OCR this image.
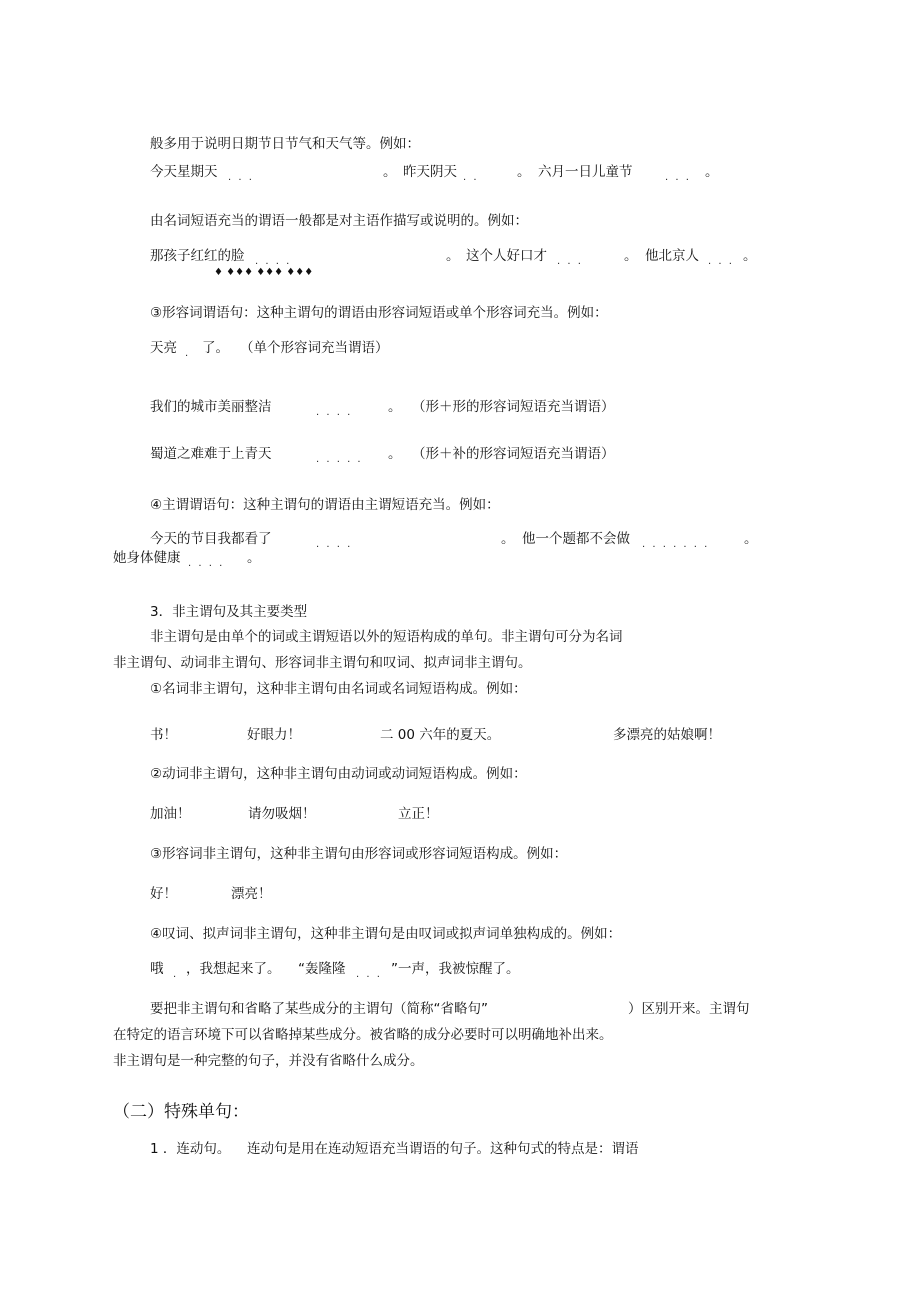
般多用于说明日期节日节气和天气等。例如：
今天星期天 . . .	。 昨天阴天 . .	。 六月一日儿童节	. . . 。
由名词短语充当的谓语一般都是对主语作描写或说明的。例如：
那孩子红红的脸 . . . .	。 这个人好口才 . . .	。 他北京人 . . . 。
♦ ♦♦♦ ♦♦♦ ♦♦♦
③形容词谓语句：这种主谓句的谓语由形容词短语或单个形容词充当。例如：
天亮 . 了。 （单个形容词充当谓语）
我们的城市美丽整洁	. . . .	。 （形＋形的形容词短语充当谓语）
蜀道之难难于上青天	. . . . . 。 （形＋补的形容词短语充当谓语）
④主谓谓语句：这种主谓句的谓语由主谓短语充当。例如：
今天的节目我都看了	. . . .	。 他一个题都不会做 . . . . . . .	。
她身体健康 . . . . 。
3．非主谓句及其主要类型
非主谓句是由单个的词或主谓短语以外的短语构成的单句。非主谓句可分为名词
非主谓句、动词非主谓句、形容词非主谓句和叹词、拟声词非主谓句。
①名词非主谓句，这种非主谓句由名词或名词短语构成。例如：
书！	好眼力！	二 00 六年的夏天。	多漂亮的姑娘啊！
②动词非主谓句，这种非主谓句由动词或动词短语构成。例如：
加油！	请勿吸烟！	立正！
③形容词非主谓句，这种非主谓句由形容词或形容词短语构成。例如：
好！	漂亮！
④叹词、拟声词非主谓句，这种非主谓句是由叹词或拟声词单独构成的。例如：
哦 . ，我想起来了。 “轰隆隆 . . . ”一声，我被惊醒了。
要把非主谓句和省略了某些成分的主谓句（简称“省略句”	）区别开来。主谓句
在特定的语言环境下可以省略掉某些成分。被省略的成分必要时可以明确地补出来。
非主谓句是一种完整的句子，并没有省略什么成分。
（二）特殊单句：
1 ．连动句。 连动句是用在连动短语充当谓语的句子。这种句式的特点是：谓语
